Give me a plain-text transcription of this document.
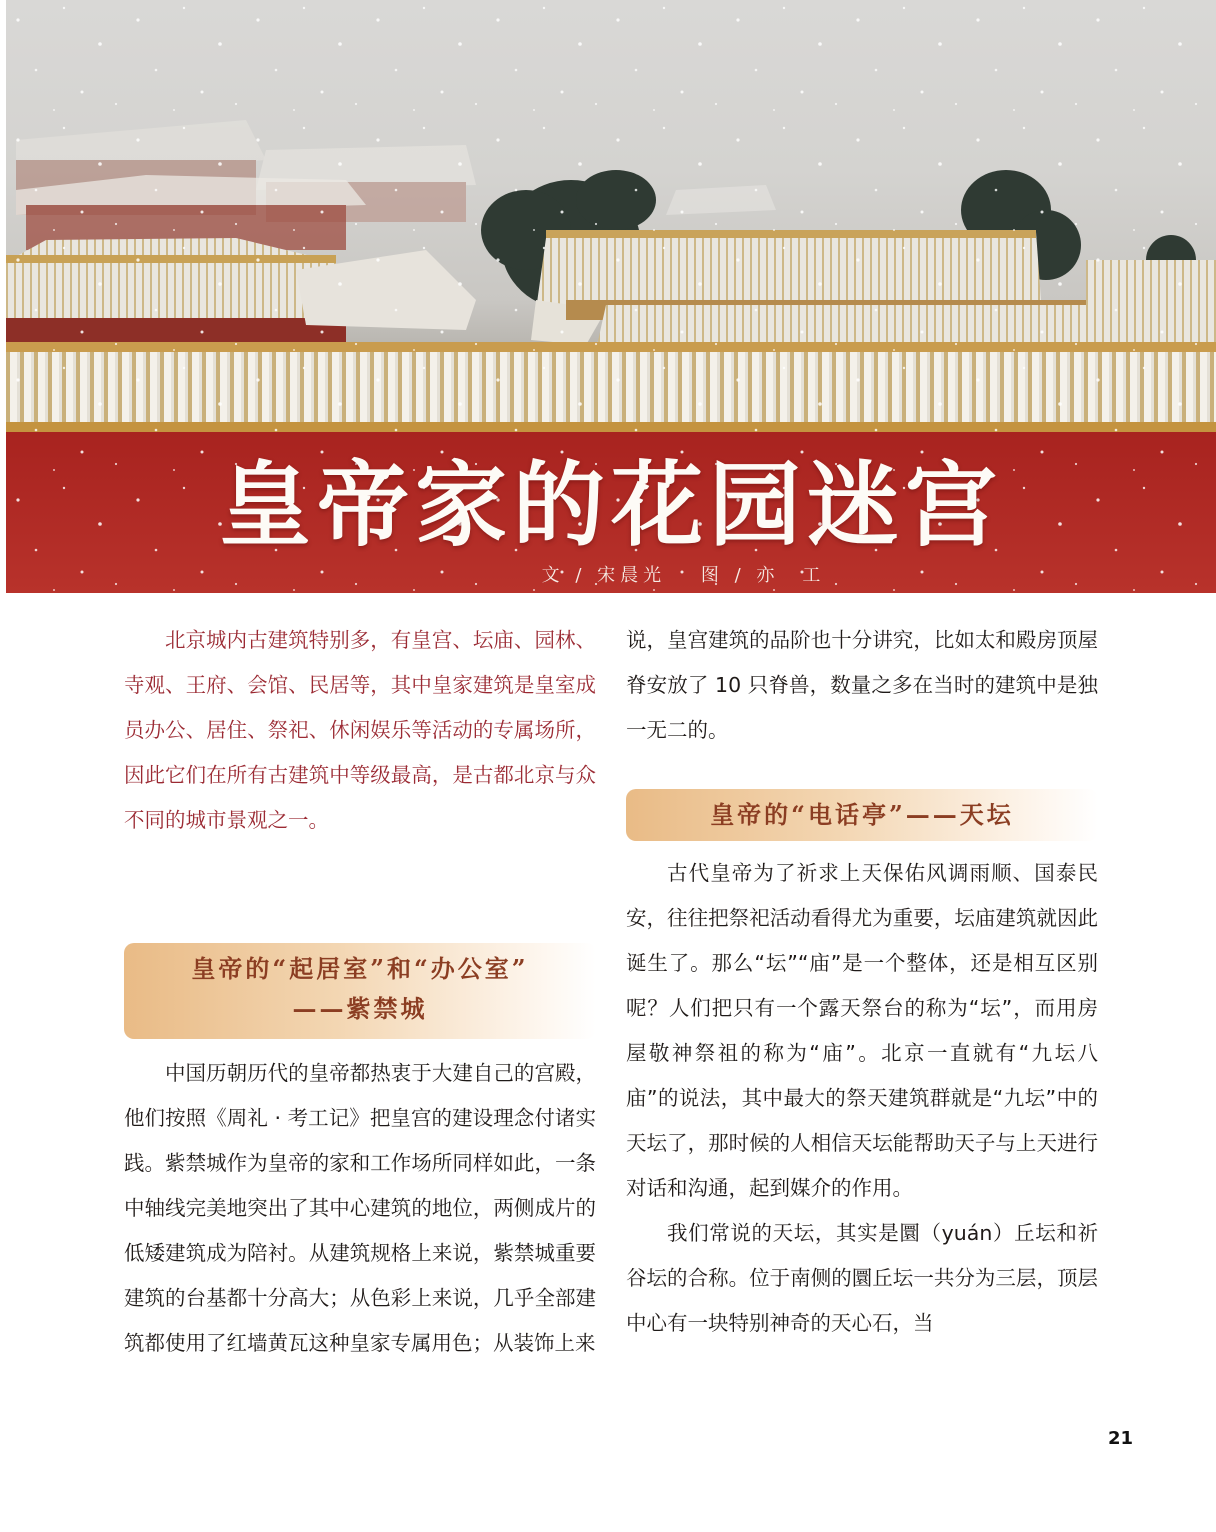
皇帝家的花园迷宫
文 / 宋晨光 图 / 亦　工

北京城内古建筑特别多，有皇宫、坛庙、园林、寺观、王府、会馆、民居等，其中皇家建筑是皇室成员办公、居住、祭祀、休闲娱乐等活动的专属场所，因此它们在所有古建筑中等级最高，是古都北京与众不同的城市景观之一。

皇帝的“起居室”和“办公室”
——紫禁城

中国历朝历代的皇帝都热衷于大建自己的宫殿，他们按照《周礼 · 考工记》把皇宫的建设理念付诸实践。紫禁城作为皇帝的家和工作场所同样如此，一条中轴线完美地突出了其中心建筑的地位，两侧成片的低矮建筑成为陪衬。从建筑规格上来说，紫禁城重要建筑的台基都十分高大；从色彩上来说，几乎全部建筑都使用了红墙黄瓦这种皇家专属用色；从装饰上来

说，皇宫建筑的品阶也十分讲究，比如太和殿房顶屋脊安放了 10 只脊兽，数量之多在当时的建筑中是独一无二的。

皇帝的“电话亭”——天坛

古代皇帝为了祈求上天保佑风调雨顺、国泰民安，往往把祭祀活动看得尤为重要，坛庙建筑就因此诞生了。那么“坛”“庙”是一个整体，还是相互区别呢？人们把只有一个露天祭台的称为“坛”，而用房屋敬神祭祖的称为“庙”。北京一直就有“九坛八庙”的说法，其中最大的祭天建筑群就是“九坛”中的天坛了，那时候的人相信天坛能帮助天子与上天进行对话和沟通，起到媒介的作用。

我们常说的天坛，其实是圜（yuán）丘坛和祈谷坛的合称。位于南侧的圜丘坛一共分为三层，顶层中心有一块特别神奇的天心石，当

21
